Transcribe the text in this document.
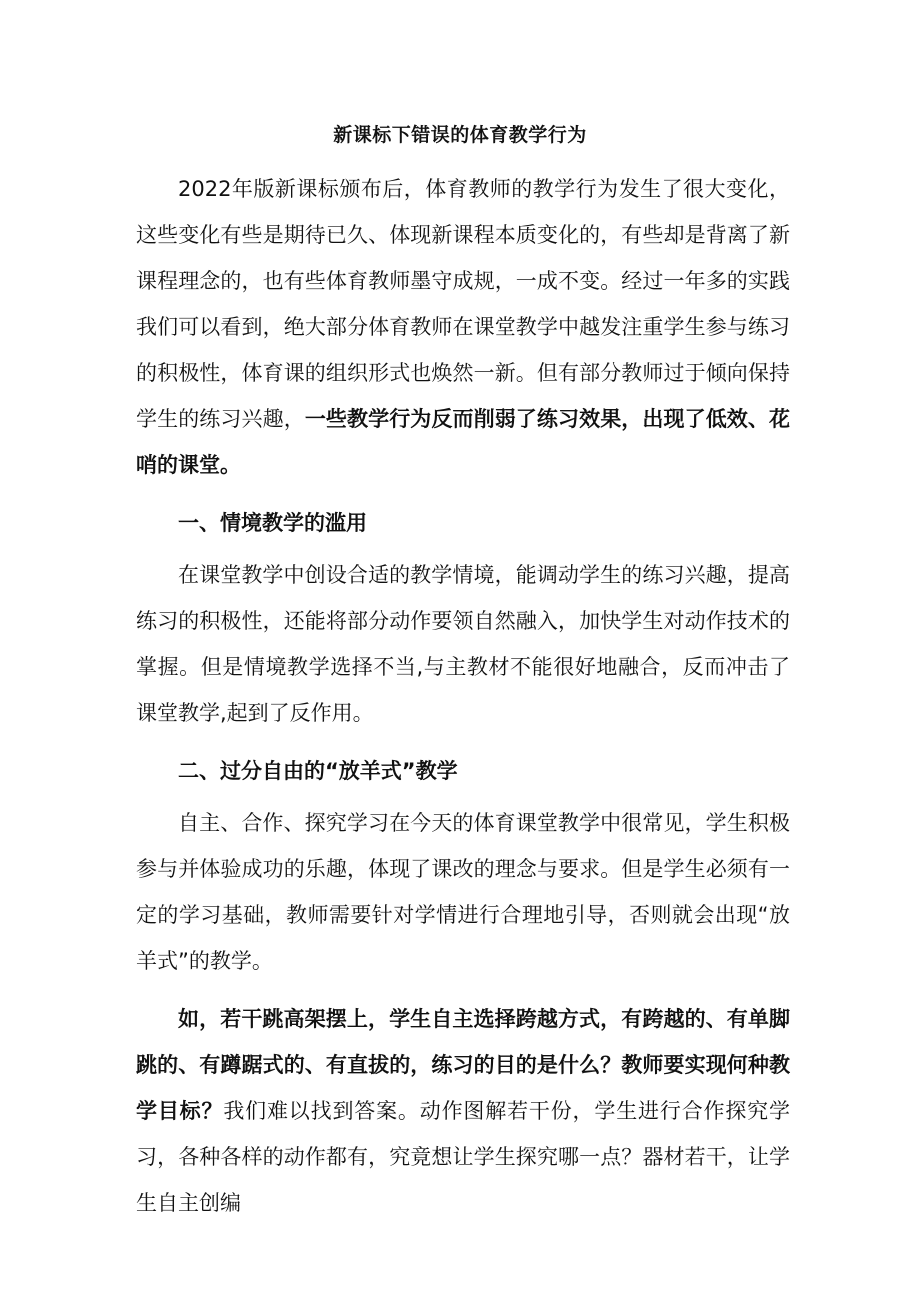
新课标下错误的体育教学行为

2022年版新课标颁布后，体育教师的教学行为发生了很大变化，这些变化有些是期待已久、体现新课程本质变化的，有些却是背离了新课程理念的，也有些体育教师墨守成规，一成不变。经过一年多的实践我们可以看到，绝大部分体育教师在课堂教学中越发注重学生参与练习的积极性，体育课的组织形式也焕然一新。但有部分教师过于倾向保持学生的练习兴趣，一些教学行为反而削弱了练习效果，出现了低效、花哨的课堂。

一、情境教学的滥用

在课堂教学中创设合适的教学情境，能调动学生的练习兴趣，提高练习的积极性，还能将部分动作要领自然融入，加快学生对动作技术的掌握。但是情境教学选择不当,与主教材不能很好地融合，反而冲击了课堂教学,起到了反作用。

二、过分自由的“放羊式”教学

自主、合作、探究学习在今天的体育课堂教学中很常见，学生积极参与并体验成功的乐趣，体现了课改的理念与要求。但是学生必须有一定的学习基础，教师需要针对学情进行合理地引导，否则就会出现“放羊式”的教学。

如，若干跳高架摆上，学生自主选择跨越方式，有跨越的、有单脚跳的、有蹲踞式的、有直拔的，练习的目的是什么？教师要实现何种教学目标？我们难以找到答案。动作图解若干份，学生进行合作探究学习，各种各样的动作都有，究竟想让学生探究哪一点？器材若干，让学生自主创编
